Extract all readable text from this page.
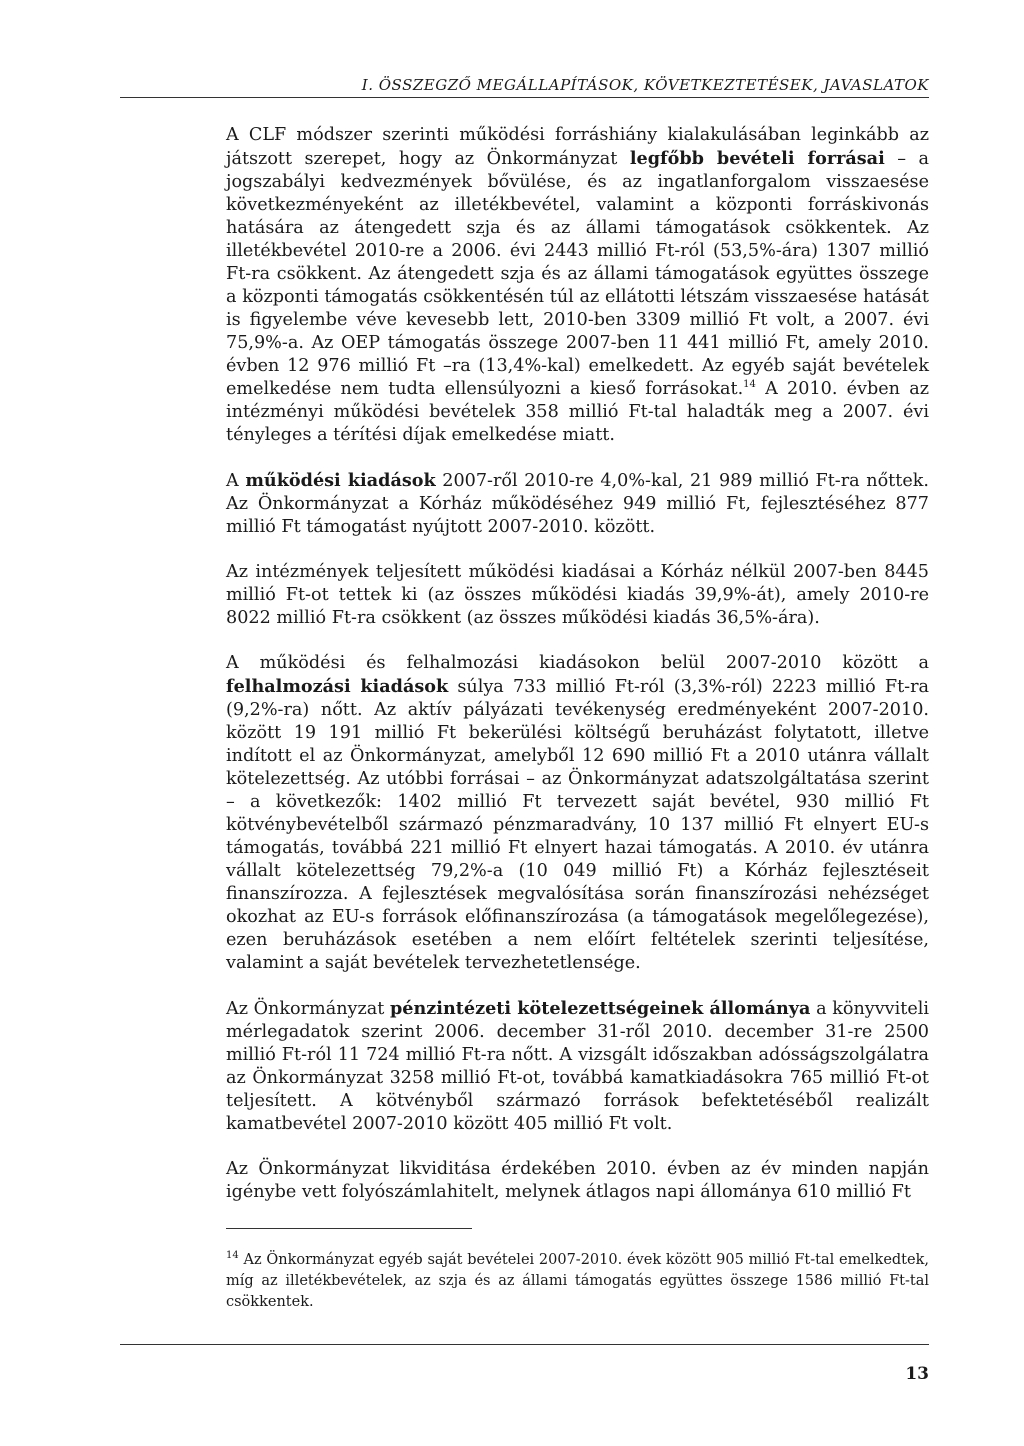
I. ÖSSZEGZŐ MEGÁLLAPÍTÁSOK, KÖVETKEZTETÉSEK, JAVASLATOK

A CLF módszer szerinti működési forráshiány kialakulásában leginkább az játszott szerepet, hogy az Önkormányzat legfőbb bevételi forrásai – a jogszabályi kedvezmények bővülése, és az ingatlanforgalom visszaesése következményeként az illetékbevétel, valamint a központi forráskivonás hatására az átengedett szja és az állami támogatások csökkentek. Az illetékbevétel 2010-re a 2006. évi 2443 millió Ft-ról (53,5%-ára) 1307 millió Ft-ra csökkent. Az átengedett szja és az állami támogatások együttes összege a központi támogatás csökkentésén túl az ellátotti létszám visszaesése hatását is figyelembe véve kevesebb lett, 2010-ben 3309 millió Ft volt, a 2007. évi 75,9%-a. Az OEP támogatás összege 2007-ben 11 441 millió Ft, amely 2010. évben 12 976 millió Ft –ra (13,4%-kal) emelkedett. Az egyéb saját bevételek emelkedése nem tudta ellensúlyozni a kieső forrásokat.$^{14}$ A 2010. évben az intézményi működési bevételek 358 millió Ft-tal haladták meg a 2007. évi tényleges a térítési díjak emelkedése miatt.

A működési kiadások 2007-ről 2010-re 4,0%-kal, 21 989 millió Ft-ra nőttek. Az Önkormányzat a Kórház működéséhez 949 millió Ft, fejlesztéséhez 877 millió Ft támogatást nyújtott 2007-2010. között.

Az intézmények teljesített működési kiadásai a Kórház nélkül 2007-ben 8445 millió Ft-ot tettek ki (az összes működési kiadás 39,9%-át), amely 2010-re 8022 millió Ft-ra csökkent (az összes működési kiadás 36,5%-ára).

A működési és felhalmozási kiadásokon belül 2007-2010 között a felhalmozási kiadások súlya 733 millió Ft-ról (3,3%-ról) 2223 millió Ft-ra (9,2%-ra) nőtt. Az aktív pályázati tevékenység eredményeként 2007-2010. között 19 191 millió Ft bekerülési költségű beruházást folytatott, illetve indított el az Önkormányzat, amelyből 12 690 millió Ft a 2010 utánra vállalt kötelezettség. Az utóbbi forrásai – az Önkormányzat adatszolgáltatása szerint – a következők: 1402 millió Ft tervezett saját bevétel, 930 millió Ft kötvénybevételből származó pénzmaradvány, 10 137 millió Ft elnyert EU-s támogatás, továbbá 221 millió Ft elnyert hazai támogatás. A 2010. év utánra vállalt kötelezettség 79,2%-a (10 049 millió Ft) a Kórház fejlesztéseit finanszírozza. A fejlesztések megvalósítása során finanszírozási nehézséget okozhat az EU-s források előfinanszírozása (a támogatások megelőlegezése), ezen beruházások esetében a nem előírt feltételek szerinti teljesítése, valamint a saját bevételek tervezhetetlensége.

Az Önkormányzat pénzintézeti kötelezettségeinek állománya a könyvviteli mérlegadatok szerint 2006. december 31-ről 2010. december 31-re 2500 millió Ft-ról 11 724 millió Ft-ra nőtt. A vizsgált időszakban adósságszolgálatra az Önkormányzat 3258 millió Ft-ot, továbbá kamatkiadásokra 765 millió Ft-ot teljesített. A kötvényből származó források befektetéséből realizált kamatbevétel 2007-2010 között 405 millió Ft volt.

Az Önkormányzat likviditása érdekében 2010. évben az év minden napján igénybe vett folyószámlahitelt, melynek átlagos napi állománya 610 millió Ft

$^{14}$ Az Önkormányzat egyéb saját bevételei 2007-2010. évek között 905 millió Ft-tal emelkedtek, míg az illetékbevételek, az szja és az állami támogatás együttes összege 1586 millió Ft-tal csökkentek.
13
